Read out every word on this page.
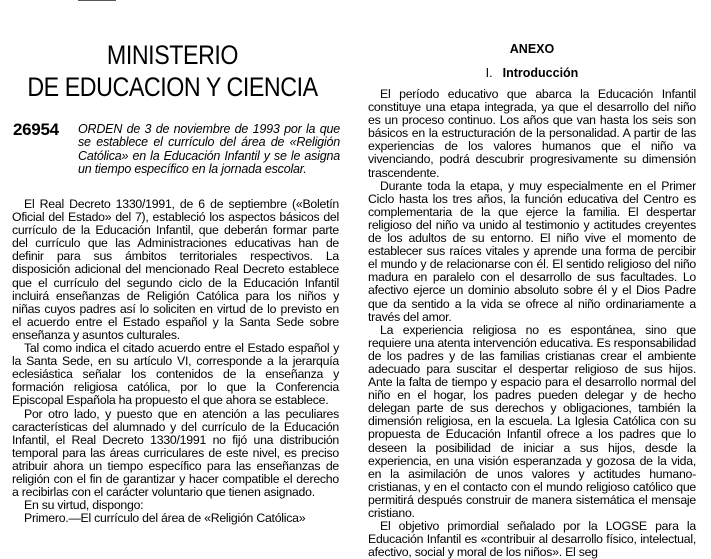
MINISTERIO
DE EDUCACION Y CIENCIA
26954 ORDEN de 3 de noviembre de 1993 por la que se establece el currículo del área de «Religión Católica» en la Educación Infantil y se le asigna un tiempo específico en la jornada escolar.

El Real Decreto 1330/1991, de 6 de septiembre («Boletín Oficial del Estado» del 7), estableció los aspectos básicos del currículo de la Educación Infantil, que deberán formar parte del currículo que las Administraciones educativas han de definir para sus ámbitos territoriales respectivos. La disposición adicional del mencionado Real Decreto establece que el currículo del segundo ciclo de la Educación Infantil incluirá enseñanzas de Religión Católica para los niños y niñas cuyos padres así lo soliciten en virtud de lo previsto en el acuerdo entre el Estado español y la Santa Sede sobre enseñanza y asuntos culturales.

Tal como indica el citado acuerdo entre el Estado español y la Santa Sede, en su artículo VI, corresponde a la jerarquía eclesiástica señalar los contenidos de la enseñanza y formación religiosa católica, por lo que la Conferencia Episcopal Española ha propuesto el que ahora se establece.

Por otro lado, y puesto que en atención a las peculiares características del alumnado y del currículo de la Educación Infantil, el Real Decreto 1330/1991 no fijó una distribución temporal para las áreas curriculares de este nivel, es preciso atribuir ahora un tiempo específico para las enseñanzas de religión con el fin de garantizar y hacer compatible el derecho a recibirlas con el carácter voluntario que tienen asignado.

En su virtud, dispongo:

Primero.—El currículo del área de «Religión Católica»

ANEXO
I. Introducción

El período educativo que abarca la Educación Infantil constituye una etapa integrada, ya que el desarrollo del niño es un proceso continuo. Los años que van hasta los seis son básicos en la estructuración de la personalidad. A partir de las experiencias de los valores humanos que el niño va vivenciando, podrá descubrir progresivamente su dimensión trascendente.

Durante toda la etapa, y muy especialmente en el Primer Ciclo hasta los tres años, la función educativa del Centro es complementaria de la que ejerce la familia. El despertar religioso del niño va unido al testimonio y actitudes creyentes de los adultos de su entorno. El niño vive el momento de establecer sus raíces vitales y aprende una forma de percibir el mundo y de relacionarse con él. El sentido religioso del niño madura en paralelo con el desarrollo de sus facultades. Lo afectivo ejerce un dominio absoluto sobre él y el Dios Padre que da sentido a la vida se ofrece al niño ordinariamente a través del amor.

La experiencia religiosa no es espontánea, sino que requiere una atenta intervención educativa. Es responsabilidad de los padres y de las familias cristianas crear el ambiente adecuado para suscitar el despertar religioso de sus hijos. Ante la falta de tiempo y espacio para el desarrollo normal del niño en el hogar, los padres pueden delegar y de hecho delegan parte de sus derechos y obligaciones, también la dimensión religiosa, en la escuela. La Iglesia Católica con su propuesta de Educación Infantil ofrece a los padres que lo deseen la posibilidad de iniciar a sus hijos, desde la experiencia, en una visión esperanzada y gozosa de la vida, en la asimilación de unos valores y actitudes humano-cristianas, y en el contacto con el mundo religioso católico que permitirá después construir de manera sistemática el mensaje cristiano.

El objetivo primordial señalado por la LOGSE para la Educación Infantil es «contribuir al desarrollo físico, intelectual, afectivo, social y moral de los niños». El seg
